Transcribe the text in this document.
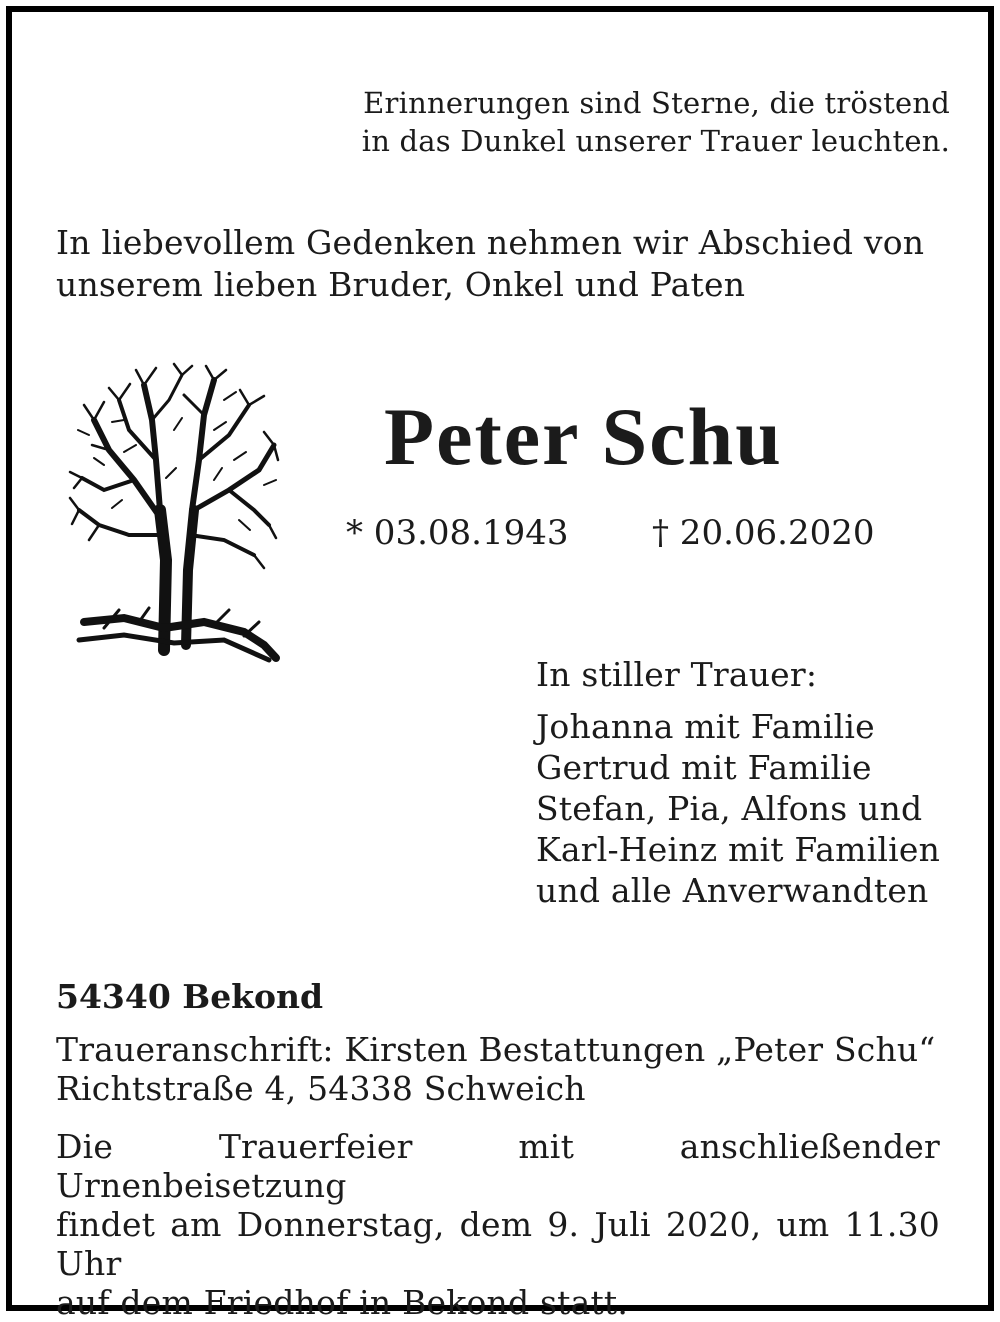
Erinnerungen sind Sterne, die tröstend
in das Dunkel unserer Trauer leuchten.
In liebevollem Gedenken nehmen wir Abschied von
unserem lieben Bruder, Onkel und Paten
Peter Schu
* 03.08.1943 † 20.06.2020
In stiller Trauer:
Johanna mit Familie
Gertrud mit Familie
Stefan, Pia, Alfons und
Karl-Heinz mit Familien
und alle Anverwandten
54340 Bekond
Traueranschrift: Kirsten Bestattungen „Peter Schu“
Richtstraße 4, 54338 Schweich
Die Trauerfeier mit anschließender Urnenbeisetzung
findet am Donnerstag, dem 9. Juli 2020, um 11.30 Uhr
auf dem Friedhof in Bekond statt.
